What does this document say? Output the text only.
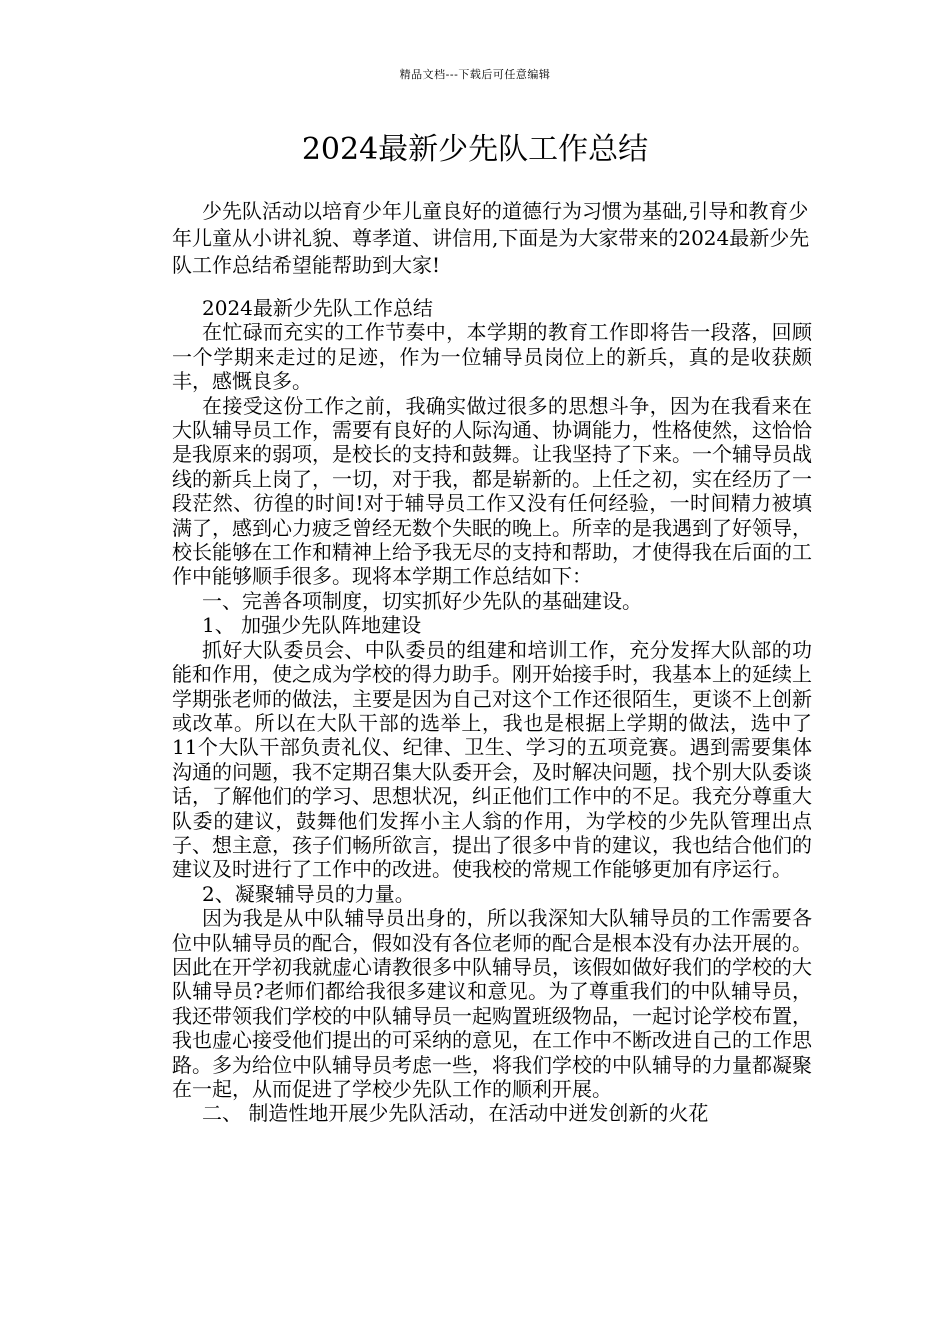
精品文档---下载后可任意编辑
2024最新少先队工作总结

少先队活动以培育少年儿童良好的道德行为习惯为基础,引导和教育少年儿童从小讲礼貌、尊孝道、讲信用,下面是为大家带来的2024最新少先队工作总结希望能帮助到大家!

2024最新少先队工作总结

在忙碌而充实的工作节奏中，本学期的教育工作即将告一段落，回顾一个学期来走过的足迹，作为一位辅导员岗位上的新兵，真的是收获颇丰，感慨良多。

在接受这份工作之前，我确实做过很多的思想斗争，因为在我看来在大队辅导员工作，需要有良好的人际沟通、协调能力，性格使然，这恰恰是我原来的弱项，是校长的支持和鼓舞。让我坚持了下来。一个辅导员战线的新兵上岗了，一切，对于我，都是崭新的。上任之初，实在经历了一段茫然、彷徨的时间!对于辅导员工作又没有任何经验，一时间精力被填满了，感到心力疲乏曾经无数个失眠的晚上。所幸的是我遇到了好领导，校长能够在工作和精神上给予我无尽的支持和帮助，才使得我在后面的工作中能够顺手很多。现将本学期工作总结如下：

一、完善各项制度，切实抓好少先队的基础建设。

1、 加强少先队阵地建设

抓好大队委员会、中队委员的组建和培训工作，充分发挥大队部的功能和作用，使之成为学校的得力助手。刚开始接手时，我基本上的延续上学期张老师的做法，主要是因为自己对这个工作还很陌生，更谈不上创新或改革。所以在大队干部的选举上，我也是根据上学期的做法，选中了11个大队干部负责礼仪、纪律、卫生、学习的五项竞赛。遇到需要集体沟通的问题，我不定期召集大队委开会，及时解决问题，找个别大队委谈话，了解他们的学习、思想状况，纠正他们工作中的不足。我充分尊重大队委的建议，鼓舞他们发挥小主人翁的作用，为学校的少先队管理出点子、想主意，孩子们畅所欲言，提出了很多中肯的建议，我也结合他们的建议及时进行了工作中的改进。使我校的常规工作能够更加有序运行。

2、凝聚辅导员的力量。

因为我是从中队辅导员出身的，所以我深知大队辅导员的工作需要各位中队辅导员的配合，假如没有各位老师的配合是根本没有办法开展的。因此在开学初我就虚心请教很多中队辅导员，该假如做好我们的学校的大队辅导员?老师们都给我很多建议和意见。为了尊重我们的中队辅导员，我还带领我们学校的中队辅导员一起购置班级物品，一起讨论学校布置，我也虚心接受他们提出的可采纳的意见，在工作中不断改进自己的工作思路。多为给位中队辅导员考虑一些，将我们学校的中队辅导的力量都凝聚在一起，从而促进了学校少先队工作的顺利开展。

二、 制造性地开展少先队活动，在活动中迸发创新的火花
